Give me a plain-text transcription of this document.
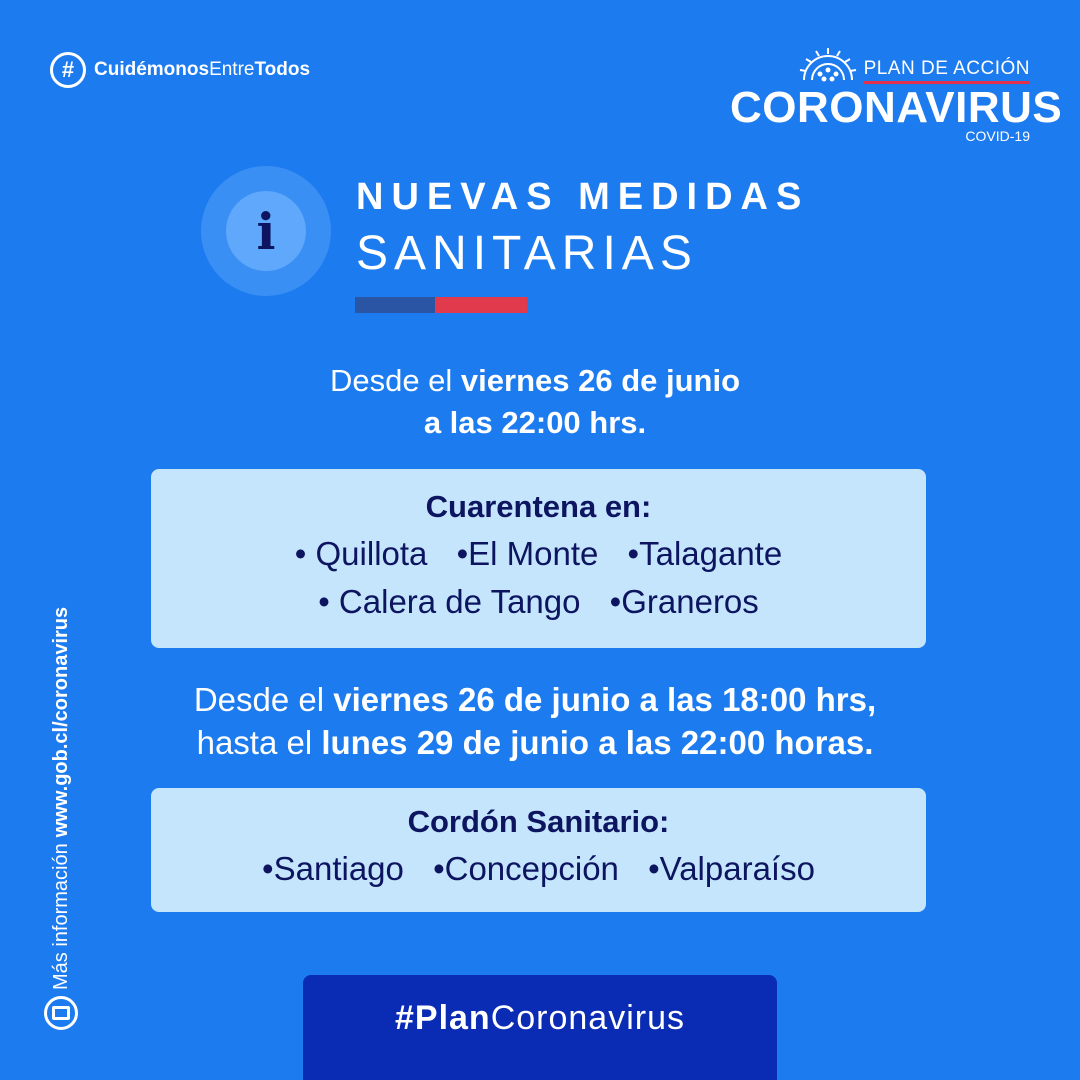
#	CuidémonosEntreTodos	PLAN DE ACCIÓN
CORONAVIRUS
COVID-19
i
NUEVAS MEDIDAS
SANITARIAS
Desde el viernes 26 de junio
a las 22:00 hrs.
Cuarentena en:
• Quillota •El Monte •Talagante
• Calera de Tango •Graneros
Desde el viernes 26 de junio a las 18:00 hrs,
hasta el lunes 29 de junio a las 22:00 horas.
Cordón Sanitario:
•Santiago •Concepción •Valparaíso
Más información
www.gob.cl/coronavirus
#Plan Coronavirus
